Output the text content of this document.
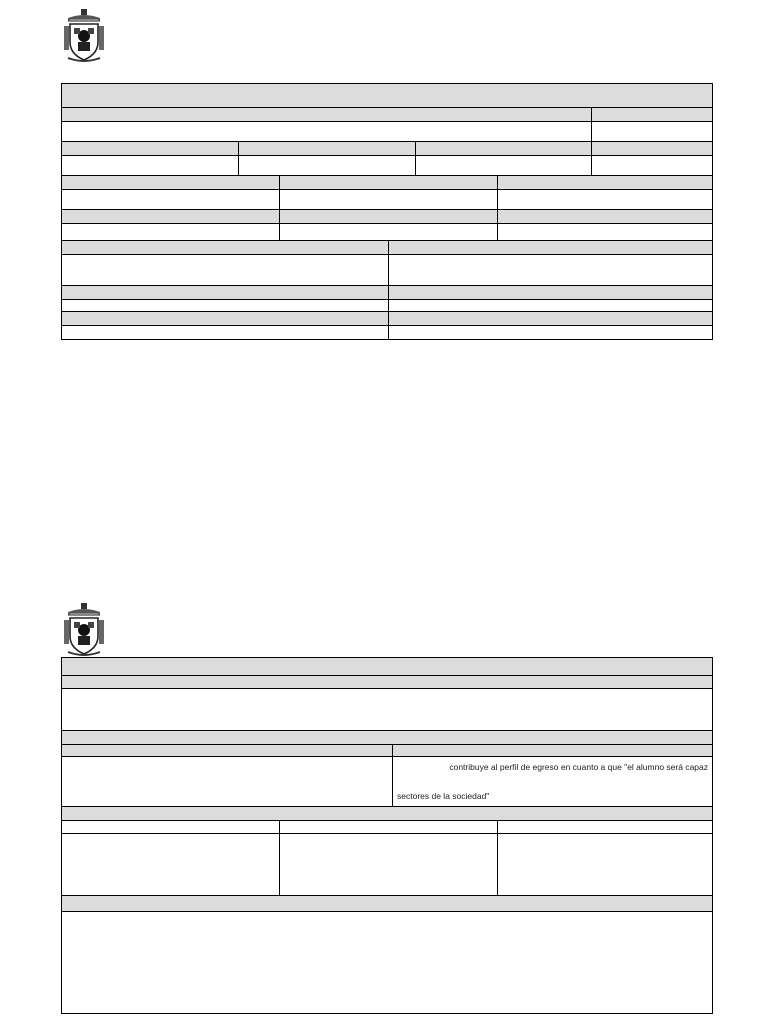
contribuye al perfil de egreso en cuanto a que "el alumno será capaz
sectores de la sociedad"
